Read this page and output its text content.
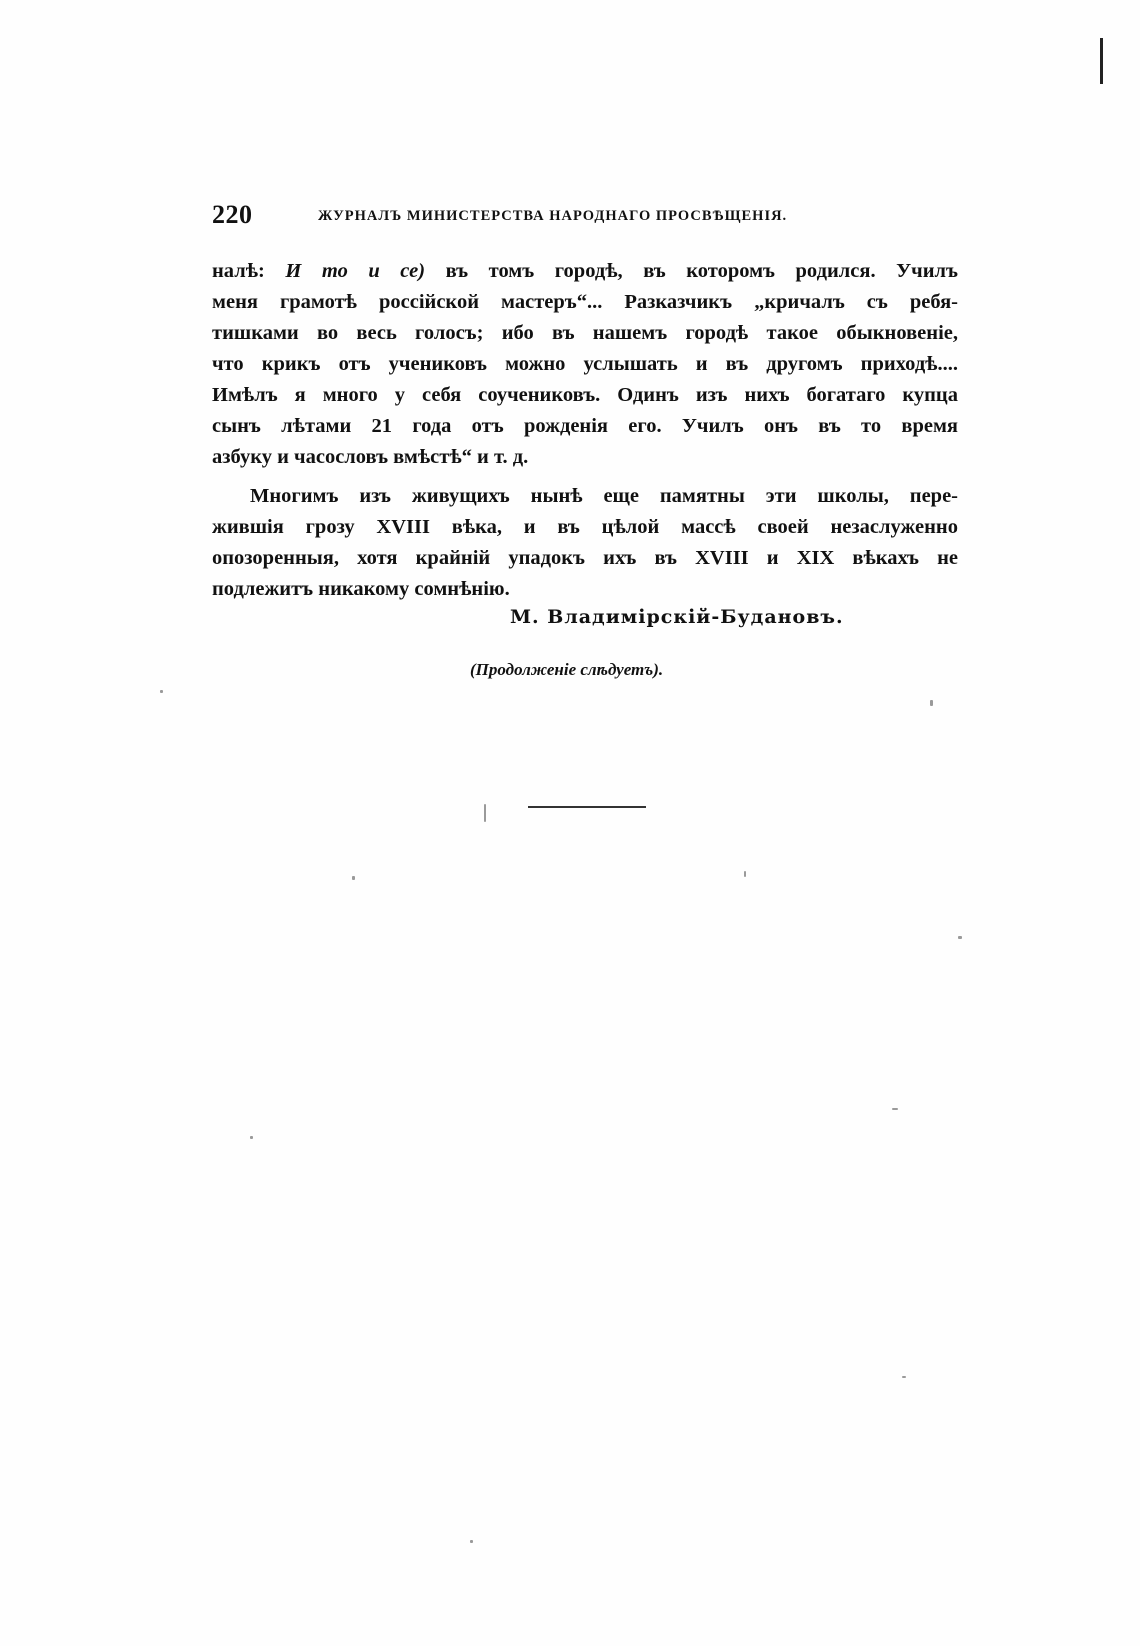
220	ЖУРНАЛЪ МИНИСТЕРСТВА НАРОДНАГО ПРОСВѢЩЕНІЯ.
налѣ: И то и се) въ томъ городѣ, въ которомъ родился. Училъ
меня грамотѣ россійской мастеръ“... Разказчикъ „кричалъ съ ребя-
тишками во весь голосъ; ибо въ нашемъ городѣ такое обыкновеніе,
что крикъ отъ учениковъ можно услышать и въ другомъ приходѣ....
Имѣлъ я много у себя соучениковъ. Одинъ изъ нихъ богатаго купца
сынъ лѣтами 21 года отъ рожденія его. Училъ онъ въ то время
азбуку и часословъ вмѣстѣ“ и т. д.
Многимъ изъ живущихъ нынѣ еще памятны эти школы, пере-
жившія грозу XVIII вѣка, и въ цѣлой массѣ своей незаслуженно
опозоренныя, хотя крайній упадокъ ихъ въ XVIII и XIX вѣкахъ не
подлежитъ никакому сомнѣнію.
М. Владимірскій-Будановъ.
(Продолженіе слѣдуетъ).
